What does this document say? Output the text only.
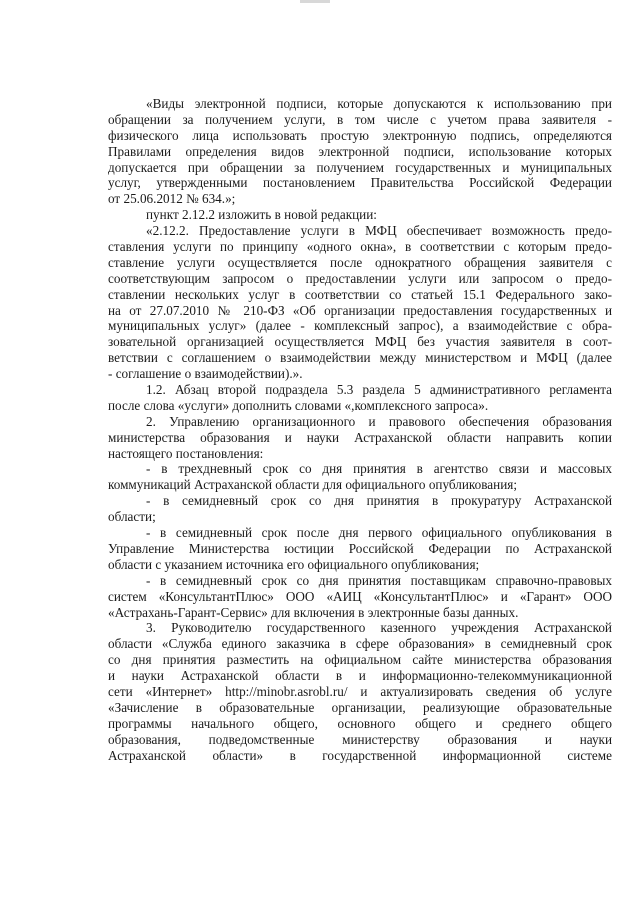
«Виды электронной подписи, которые допускаются к использованию при
обращении за получением услуги, в том числе с учетом права заявителя -
физического лица использовать простую электронную подпись, определяются
Правилами определения видов электронной подписи, использование которых
допускается при обращении за получением государственных и муниципальных
услуг, утвержденными постановлением Правительства Российской Федерации
от 25.06.2012 № 634.»;
пункт 2.12.2 изложить в новой редакции:
«2.12.2. Предоставление услуги в МФЦ обеспечивает возможность предо-
ставления услуги по принципу «одного окна», в соответствии с которым предо-
ставление услуги осуществляется после однократного обращения заявителя с
соответствующим запросом о предоставлении услуги или запросом о предо-
ставлении нескольких услуг в соответствии со статьей 15.1 Федерального зако-
на от 27.07.2010 № 210-ФЗ «Об организации предоставления государственных и
муниципальных услуг» (далее - комплексный запрос), а взаимодействие с обра-
зовательной организацией осуществляется МФЦ без участия заявителя в соот-
ветствии с соглашением о взаимодействии между министерством и МФЦ (далее
- соглашение о взаимодействии).».
1.2. Абзац второй подраздела 5.3 раздела 5 административного регламента
после слова «услуги» дополнить словами «,комплексного запроса».
2. Управлению организационного и правового обеспечения образования
министерства образования и науки Астраханской области направить копии
настоящего постановления:
- в трехдневный срок со дня принятия в агентство связи и массовых
коммуникаций Астраханской области для официального опубликования;
- в семидневный срок со дня принятия в прокуратуру Астраханской
области;
- в семидневный срок после дня первого официального опубликования в
Управление Министерства юстиции Российской Федерации по Астраханской
области с указанием источника его официального опубликования;
- в семидневный срок со дня принятия поставщикам справочно-правовых
систем «КонсультантПлюс» ООО «АИЦ «КонсультантПлюс» и «Гарант» ООО
«Астрахань-Гарант-Сервис» для включения в электронные базы данных.
3. Руководителю государственного казенного учреждения Астраханской
области «Служба единого заказчика в сфере образования» в семидневный срок
со дня принятия разместить на официальном сайте министерства образования
и науки Астраханской области в и информационно-телекоммуникационной
сети «Интернет» http://minobr.asrobl.ru/ и актуализировать сведения об услуге
«Зачисление в образовательные организации, реализующие образовательные
программы начального общего, основного общего и среднего общего
образования, подведомственные министерству образования и науки
Астраханской области» в государственной информационной системе
